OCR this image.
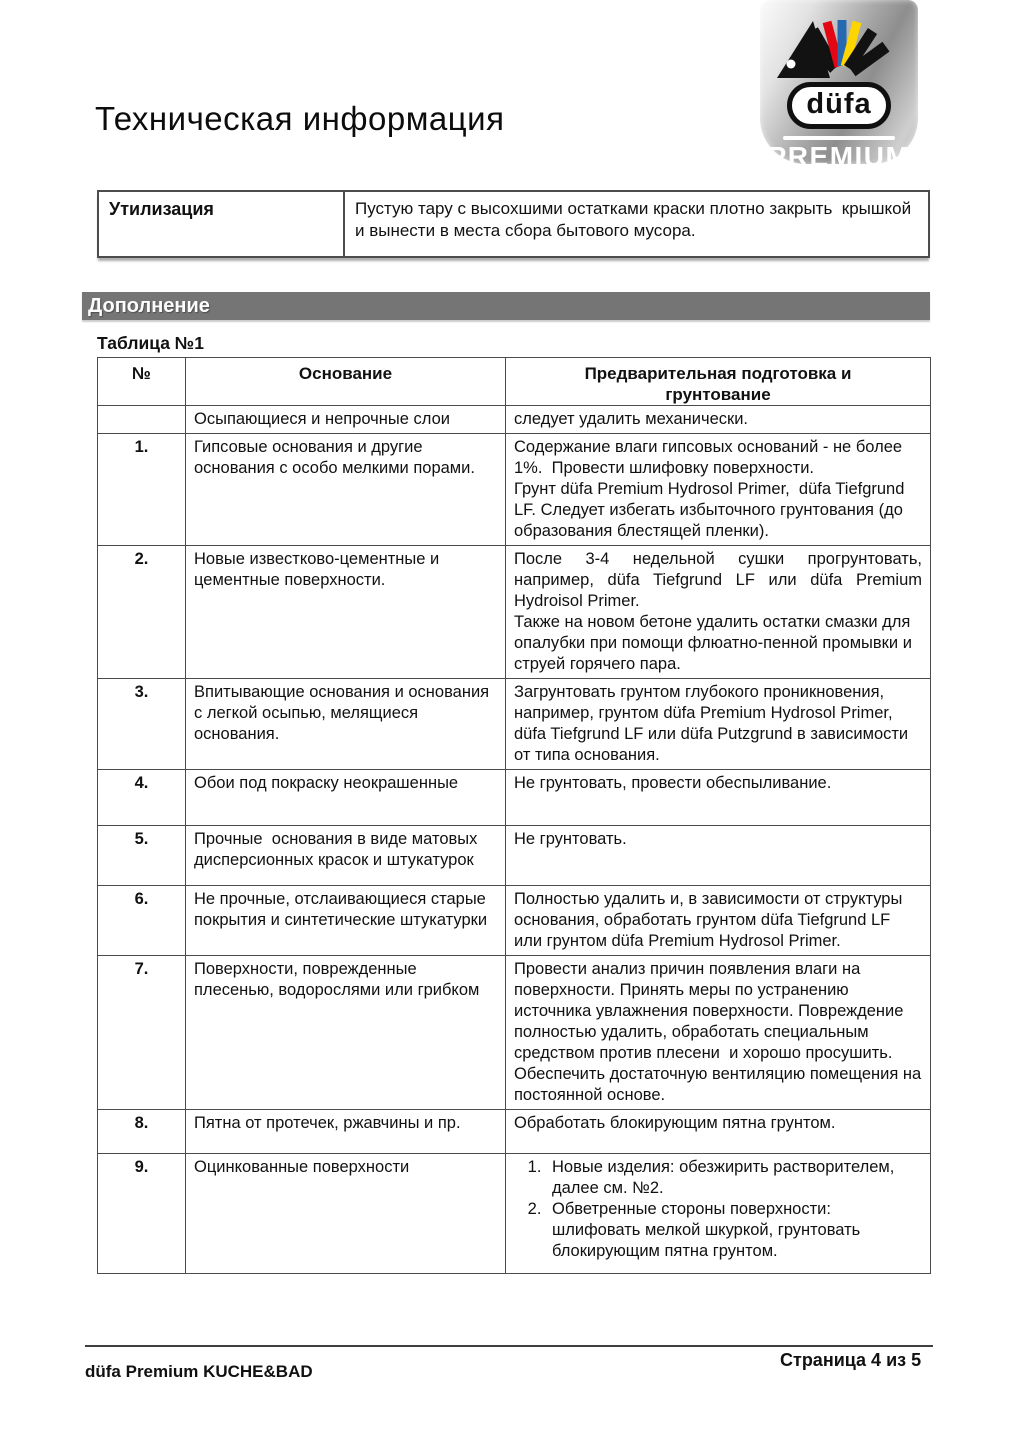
Техническая информация	düfa
PREMIUM
Утилизация	Пустую тару с высохшими остатками краски плотно закрыть  крышкой и вынести в места сбора бытового мусора.
Дополнение
Таблица №1
№	Основание	Предварительная подготовка и грунтование
	Осыпающиеся и непрочные слои	следует удалить механически.

1.	Гипсовые основания и другие основания с особо мелкими порами.	Содержание влаги гипсовых оснований - не более 1%.  Провести шлифовку поверхности.

Грунт düfa Premium Hydrosol Primer,  düfa Tiefgrund LF. Следует избегать избыточного грунтования (до образования блестящей пленки).

2.	Новые известково-цементные и цементные поверхности.	После 3-4 недельной сушки прогрунтовать, например, düfa Tiefgrund LF или düfa Premium Hydroisol Primer.

Также на новом бетоне удалить остатки смазки для опалубки при помощи флюатно-пенной промывки и струей горячего пара.

3.	Впитывающие основания и основания с легкой осыпью, мелящиеся основания.	Загрунтовать грунтом глубокого проникновения, например, грунтом düfa Premium Hydrosol Primer, düfa Tiefgrund LF или düfa Putzgrund в зависимости от типа основания.

4.	Обои под покраску неокрашенные	Не грунтовать, провести обеспыливание.

5.	Прочные  основания в виде матовых дисперсионных красок и штукатурок	Не грунтовать.

6.	Не прочные, отслаивающиеся старые покрытия и синтетические штукатурки	Полностью удалить и, в зависимости от структуры основания, обработать грунтом düfa Tiefgrund LF или грунтом düfa Premium Hydrosol Primer.

7.	Поверхности, поврежденные плесенью, водорослями или грибком	Провести анализ причин появления влаги на поверхности. Принять меры по устранению источника увлажнения поверхности. Повреждение полностью удалить, обработать специальным средством против плесени  и хорошо просушить. Обеспечить достаточную вентиляцию помещения на постоянной основе.

8.	Пятна от протечек, ржавчины и пр.	Обработать блокирующим пятна грунтом.

9.	Оцинкованные поверхности	
1.Новые изделия: обезжирить растворителем, далее см. №2.
2. Обветренные стороны поверхности: шлифовать мелкой шкуркой, грунтовать блокирующим пятна грунтом.
düfa Premium KUCHE&BAD
Страница 4 из 5
